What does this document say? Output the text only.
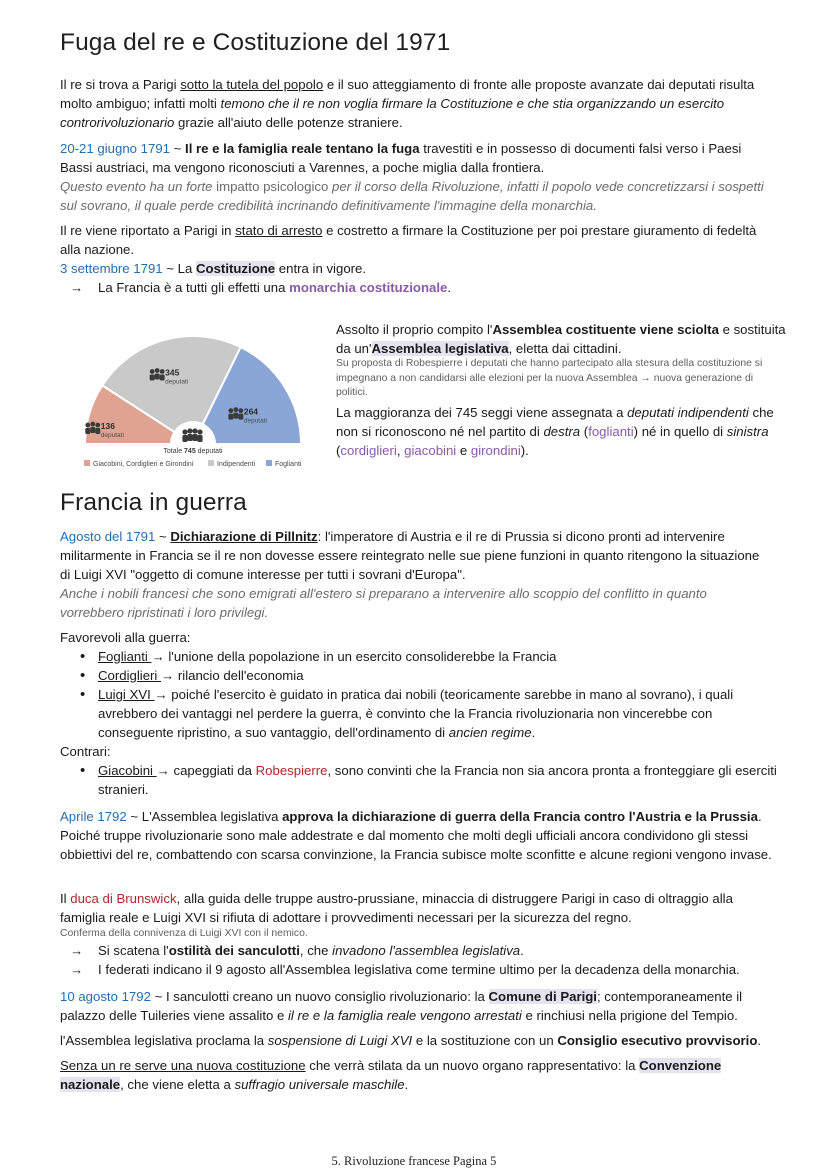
Fuga del re e Costituzione del 1971

Il re si trova a Parigi sotto la tutela del popolo e il suo atteggiamento di fronte alle proposte avanzate dai deputati risulta molto ambiguo; infatti molti temono che il re non voglia firmare la Costituzione e che stia organizzando un esercito controrivoluzionario grazie all'aiuto delle potenze straniere.

20-21 giugno 1791 ~ Il re e la famiglia reale tentano la fuga travestiti e in possesso di documenti falsi verso i Paesi Bassi austriaci, ma vengono riconosciuti a Varennes, a poche miglia dalla frontiera.
Questo evento ha un forte impatto psicologico per il corso della Rivoluzione, infatti il popolo vede concretizzarsi i sospetti sul sovrano, il quale perde credibilità incrinando definitivamente l'immagine della monarchia.

Il re viene riportato a Parigi in stato di arresto e costretto a firmare la Costituzione per poi prestare giuramento di fedeltà alla nazione.
3 settembre 1791 ~ La Costituzione entra in vigore.

→ La Francia è a tutti gli effetti una monarchia costituzionale.

136
deputati
345
deputati
264
deputati
Totale 745 deputati
Giacobini, Cordiglieri e Girondini	Indipendenti	Foglianti

Assolto il proprio compito l'Assemblea costituente viene sciolta e sostituita da un'Assemblea legislativa, eletta dai cittadini.

Su proposta di Robespierre i deputati che hanno partecipato alla stesura della costituzione si impegnano a non candidarsi alle elezioni per la nuova Assemblea → nuova generazione di politici.

La maggioranza dei 745 seggi viene assegnata a deputati indipendenti che non si riconoscono né nel partito di destra (foglianti) né in quello di sinistra (cordiglieri, giacobini e girondini).

Francia in guerra

Agosto del 1791 ~ Dichiarazione di Pillnitz: l'imperatore di Austria e il re di Prussia si dicono pronti ad intervenire militarmente in Francia se il re non dovesse essere reintegrato nelle sue piene funzioni in quanto ritengono la situazione di Luigi XVI "oggetto di comune interesse per tutti i sovrani d'Europa".
Anche i nobili francesi che sono emigrati all'estero si preparano a intervenire allo scoppio del conflitto in quanto vorrebbero ripristinati i loro privilegi.

Favorevoli alla guerra:

• Foglianti → l'unione della popolazione in un esercito consoliderebbe la Francia
• Cordiglieri → rilancio dell'economia
• Luigi XVI → poiché l'esercito è guidato in pratica dai nobili (teoricamente sarebbe in mano al sovrano), i quali avrebbero dei vantaggi nel perdere la guerra, è convinto che la Francia rivoluzionaria non vincerebbe con conseguente ripristino, a suo vantaggio, dell'ordinamento di ancien regime.

Contrari:

• Giacobini → capeggiati da Robespierre, sono convinti che la Francia non sia ancora pronta a fronteggiare gli eserciti stranieri.

Aprile 1792 ~ L'Assemblea legislativa approva la dichiarazione di guerra della Francia contro l'Austria e la Prussia. Poiché truppe rivoluzionarie sono male addestrate e dal momento che molti degli ufficiali ancora condividono gli stessi obbiettivi del re, combattendo con scarsa convinzione, la Francia subisce molte sconfitte e alcune regioni vengono invase.

Il duca di Brunswick, alla guida delle truppe austro-prussiane, minaccia di distruggere Parigi in caso di oltraggio alla famiglia reale e Luigi XVI si rifiuta di adottare i provvedimenti necessari per la sicurezza del regno.

Conferma della connivenza di Luigi XVI con il nemico.

→ Si scatena l'ostilità dei sanculotti, che invadono l'assemblea legislativa.

→ I federati indicano il 9 agosto all'Assemblea legislativa come termine ultimo per la decadenza della monarchia.

10 agosto 1792 ~ I sanculotti creano un nuovo consiglio rivoluzionario: la Comune di Parigi; contemporaneamente il palazzo delle Tuileries viene assalito e il re e la famiglia reale vengono arrestati e rinchiusi nella prigione del Tempio.

l'Assemblea legislativa proclama la sospensione di Luigi XVI e la sostituzione con un Consiglio esecutivo provvisorio.

Senza un re serve una nuova costituzione che verrà stilata da un nuovo organo rappresentativo: la Convenzione nazionale, che viene eletta a suffragio universale maschile.

5. Rivoluzione francese Pagina 5
